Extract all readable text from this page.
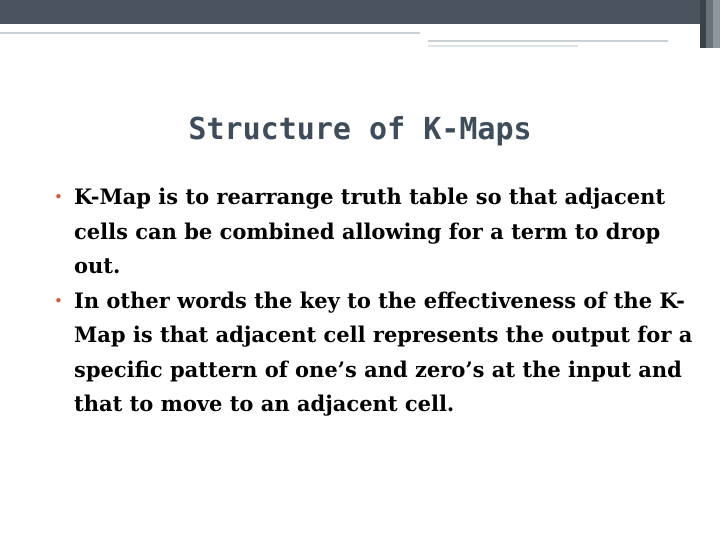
Structure of K-Maps
• K-Map is to rearrange truth table so that adjacent cells can be combined allowing for a term to drop out.
• In other words the key to the effectiveness of the K-Map is that adjacent cell represents the output for a specific pattern of one’s and zero’s at the input and that to move to an adjacent cell.
